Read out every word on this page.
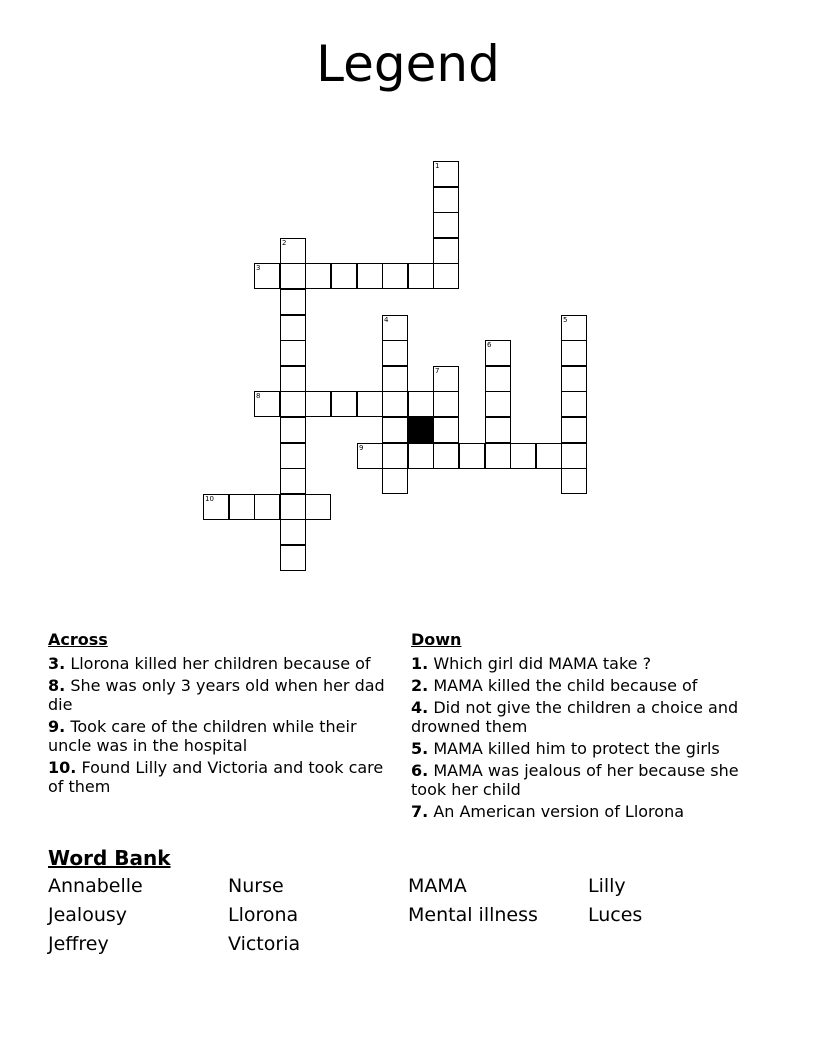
Legend
1
2
3
4	5
6
7
8
9
10
Across
3. Llorona killed her children because of
8. She was only 3 years old when her dad die
9. Took care of the children while their uncle was in the hospital
10. Found Lilly and Victoria and took care of them
Down
1. Which girl did MAMA take ?
2. MAMA killed the child because of
4. Did not give the children a choice and drowned them
5. MAMA killed him to protect the girls
6. MAMA was jealous of her because she took her child
7. An American version of Llorona
Word Bank
Annabelle	Nurse	MAMA	Lilly
Jealousy	Llorona	Mental illness	Luces
Jeffrey	Victoria
